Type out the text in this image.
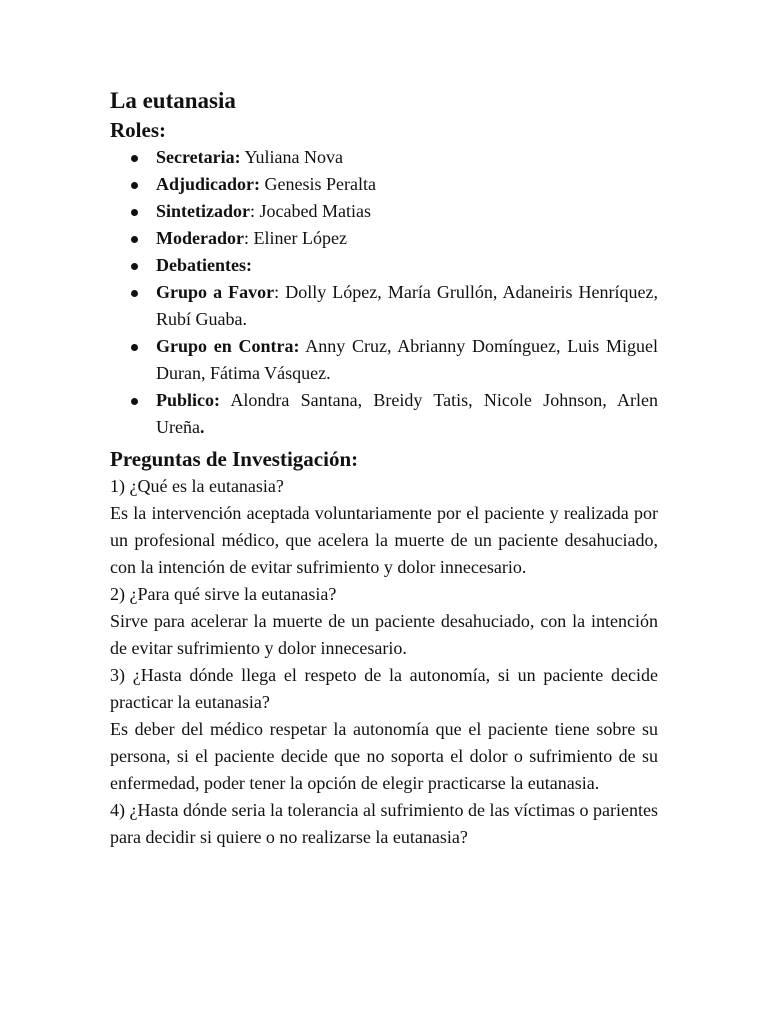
La eutanasia
Roles:
Secretaria: Yuliana Nova
Adjudicador: Genesis Peralta
Sintetizador: Jocabed Matias
Moderador: Eliner López
Debatientes:
Grupo a Favor: Dolly López, María Grullón, Adaneiris Henríquez, Rubí Guaba.
Grupo en Contra: Anny Cruz, Abrianny Domínguez, Luis Miguel Duran, Fátima Vásquez.
Publico: Alondra Santana, Breidy Tatis, Nicole Johnson, Arlen Ureña.
Preguntas de Investigación:

1) ¿Qué es la eutanasia?

Es la intervención aceptada voluntariamente por el paciente y realizada por un profesional médico, que acelera la muerte de un paciente desahuciado, con la intención de evitar sufrimiento y dolor innecesario.

2) ¿Para qué sirve la eutanasia?

Sirve para acelerar la muerte de un paciente desahuciado, con la intención de evitar sufrimiento y dolor innecesario.

3) ¿Hasta dónde llega el respeto de la autonomía, si un paciente decide practicar la eutanasia?

Es deber del médico respetar la autonomía que el paciente tiene sobre su persona, si el paciente decide que no soporta el dolor o sufrimiento de su enfermedad, poder tener la opción de elegir practicarse la eutanasia.

4) ¿Hasta dónde seria la tolerancia al sufrimiento de las víctimas o parientes para decidir si quiere o no realizarse la eutanasia?
